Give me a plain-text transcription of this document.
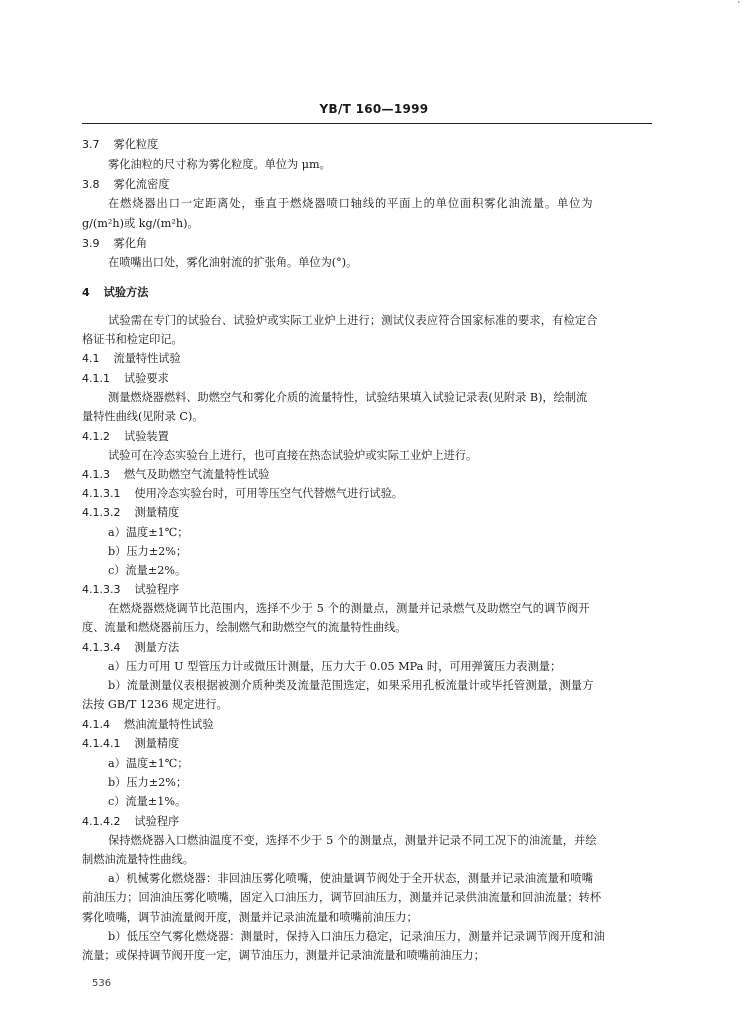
'
YB/T 160—1999
3.7 雾化粒度
雾化油粒的尺寸称为雾化粒度。单位为 μm。
3.8 雾化流密度
在燃烧器出口一定距离处，垂直于燃烧器喷口轴线的平面上的单位面积雾化油流量。单位为
g/(m²h)或 kg/(m²h)。
3.9 雾化角
在喷嘴出口处，雾化油射流的扩张角。单位为(°)。
4 试验方法
试验需在专门的试验台、试验炉或实际工业炉上进行；测试仪表应符合国家标准的要求，有检定合
格证书和检定印记。
4.1 流量特性试验
4.1.1 试验要求
测量燃烧器燃料、助燃空气和雾化介质的流量特性，试验结果填入试验记录表(见附录 B)，绘制流
量特性曲线(见附录 C)。
4.1.2 试验装置
试验可在冷态实验台上进行，也可直接在热态试验炉或实际工业炉上进行。
4.1.3 燃气及助燃空气流量特性试验
4.1.3.1 使用冷态实验台时，可用等压空气代替燃气进行试验。
4.1.3.2 测量精度
a）温度±1℃；
b）压力±2%；
c）流量±2%。
4.1.3.3 试验程序
在燃烧器燃烧调节比范围内，选择不少于 5 个的测量点，测量并记录燃气及助燃空气的调节阀开
度、流量和燃烧器前压力，绘制燃气和助燃空气的流量特性曲线。
4.1.3.4 测量方法
a）压力可用 U 型管压力计或微压计测量，压力大于 0.05 MPa 时，可用弹簧压力表测量；
b）流量测量仪表根据被测介质种类及流量范围选定，如果采用孔板流量计或毕托管测量，测量方
法按 GB/T 1236 规定进行。
4.1.4 燃油流量特性试验
4.1.4.1 测量精度
a）温度±1℃；
b）压力±2%；
c）流量±1%。
4.1.4.2 试验程序
保持燃烧器入口燃油温度不变，选择不少于 5 个的测量点，测量并记录不同工况下的油流量，并绘
制燃油流量特性曲线。
a）机械雾化燃烧器：非回油压雾化喷嘴，使油量调节阀处于全开状态，测量并记录油流量和喷嘴
前油压力；回油油压雾化喷嘴，固定入口油压力，调节回油压力，测量并记录供油流量和回油流量；转杯
雾化喷嘴，调节油流量阀开度，测量并记录油流量和喷嘴前油压力；
b）低压空气雾化燃烧器：测量时，保持入口油压力稳定，记录油压力，测量并记录调节阀开度和油
流量；或保持调节阀开度一定，调节油压力，测量并记录油流量和喷嘴前油压力；
536
